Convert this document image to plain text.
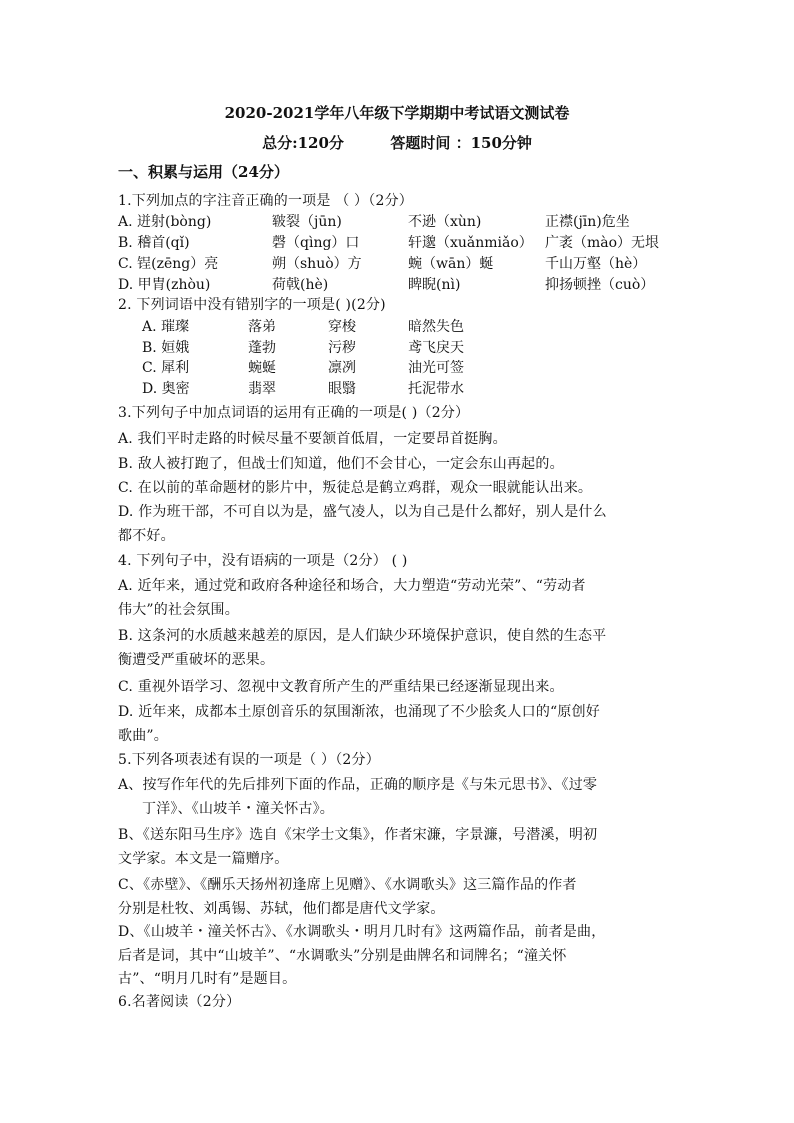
2020-2021学年八年级下学期期中考试语文测试卷
总分:120分	答题时间 ：150分钟
一、积累与运用（24分）
1.下列加点的字注音正确的一项是 （ ）（2分）
A. 迸射(bòng)	皲裂（jūn)	不逊（xùn)	正襟(jīn)危坐
B. 稽首(qǐ)	磬（qìng）口	轩邈（xuǎnmiǎo） 广袤（mào）无垠
C. 锃(zēng）亮	朔（shuò）方	蜿（wān）蜒	千山万壑（hè）
D. 甲胄(zhòu)	荷戟(hè)	睥睨(nì)	抑扬顿挫（cuò）
2. 下列词语中没有错别字的一项是( )(2分)
A. 璀璨	落弟	穿梭	暗然失色
B. 姮娥	蓬勃	污秽	鸢飞戾天
C. 犀利	蜿蜒	凛冽	油光可签
D. 奥密	翡翠	眼翳	托泥带水
3.下列句子中加点词语的运用有正确的一项是( )（2分）
A. 我们平时走路的时候尽量不要颔首低眉，一定要昂首挺胸。
B. 敌人被打跑了，但战士们知道，他们不会甘心，一定会东山再起的。
C. 在以前的革命题材的影片中，叛徒总是鹤立鸡群，观众一眼就能认出来。
D. 作为班干部，不可自以为是，盛气凌人，以为自己是什么都好，别人是什么
都不好。
4. 下列句子中，没有语病的一项是（2分） ( )
A. 近年来，通过党和政府各种途径和场合，大力塑造“劳动光荣”、“劳动者
伟大”的社会氛围。
B. 这条河的水质越来越差的原因，是人们缺少环境保护意识，使自然的生态平
衡遭受严重破坏的恶果。
C. 重视外语学习、忽视中文教育所产生的严重结果已经逐渐显现出来。
D. 近年来，成都本土原创音乐的氛围渐浓，也涌现了不少脍炙人口的“原创好
歌曲”。
5.下列各项表述有误的一项是（ ）（2分）
A、按写作年代的先后排列下面的作品，正确的顺序是《与朱元思书》、《过零
丁洋》、《山坡羊・潼关怀古》。
B、《送东阳马生序》选自《宋学士文集》，作者宋濂，字景濂，号潜溪，明初
文学家。本文是一篇赠序。
C、《赤壁》、《酬乐天扬州初逢席上见赠》、《水调歌头》这三篇作品的作者
分别是杜牧、刘禹锡、苏轼，他们都是唐代文学家。
D、《山坡羊・潼关怀古》、《水调歌头・明月几时有》这两篇作品，前者是曲，
后者是词，其中“山坡羊”、“水调歌头”分别是曲牌名和词牌名；“潼关怀
古”、“明月几时有”是题目。
6.名著阅读（2分）
